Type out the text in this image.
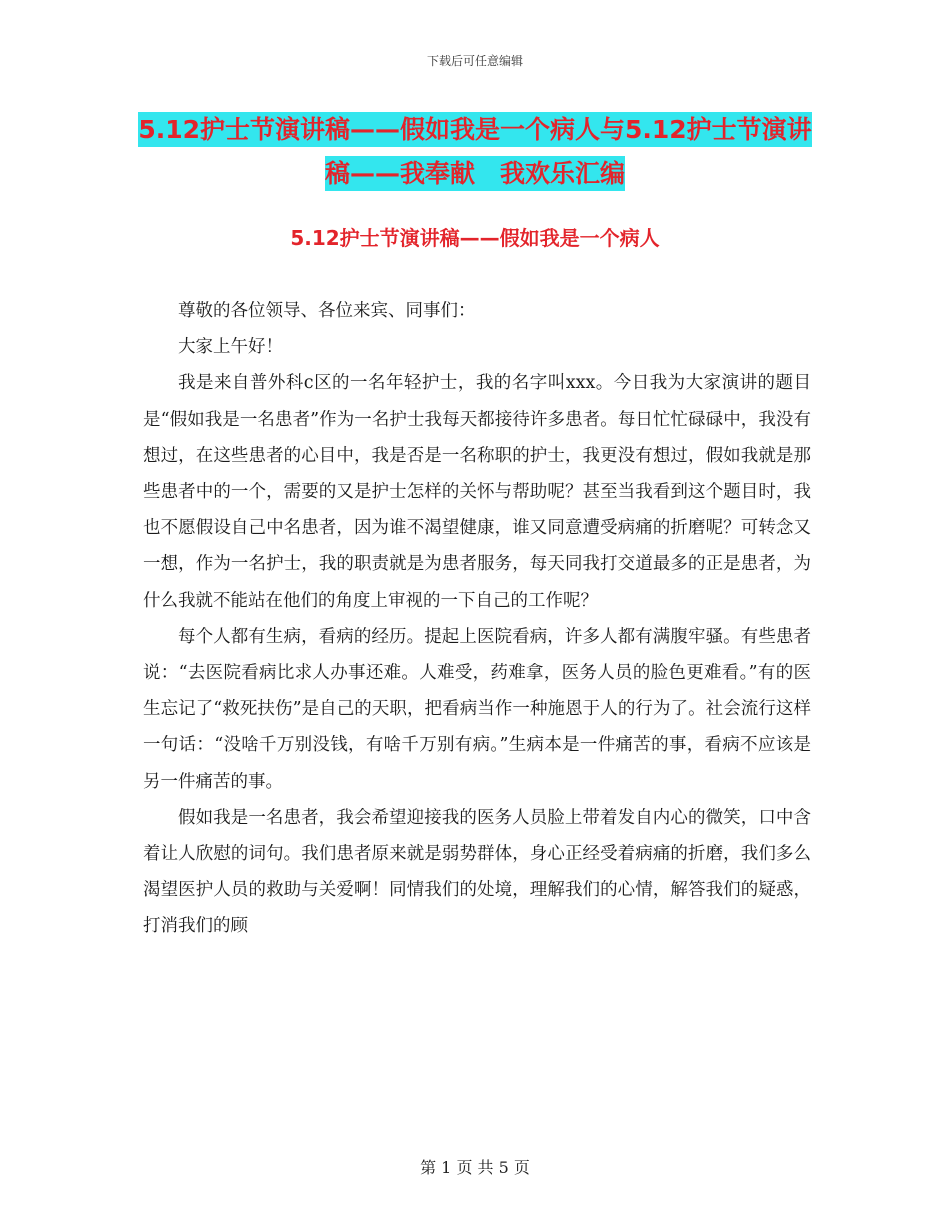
下载后可任意编辑
5.12护士节演讲稿——假如我是一个病人与5.12护士节演讲稿——我奉献　我欢乐汇编
5.12护士节演讲稿——假如我是一个病人

尊敬的各位领导、各位来宾、同事们：

大家上午好！

我是来自普外科c区的一名年轻护士，我的名字叫xxx。今日我为大家演讲的题目是“假如我是一名患者”作为一名护士我每天都接待许多患者。每日忙忙碌碌中，我没有想过，在这些患者的心目中，我是否是一名称职的护士，我更没有想过，假如我就是那些患者中的一个，需要的又是护士怎样的关怀与帮助呢？甚至当我看到这个题目时，我也不愿假设自己中名患者，因为谁不渴望健康，谁又同意遭受病痛的折磨呢？可转念又一想，作为一名护士，我的职责就是为患者服务，每天同我打交道最多的正是患者，为什么我就不能站在他们的角度上审视的一下自己的工作呢？

每个人都有生病，看病的经历。提起上医院看病，许多人都有满腹牢骚。有些患者说：“去医院看病比求人办事还难。人难受，药难拿，医务人员的脸色更难看。”有的医生忘记了“救死扶伤”是自己的天职，把看病当作一种施恩于人的行为了。社会流行这样一句话：“没啥千万别没钱，有啥千万别有病。”生病本是一件痛苦的事，看病不应该是另一件痛苦的事。

假如我是一名患者，我会希望迎接我的医务人员脸上带着发自内心的微笑，口中含着让人欣慰的词句。我们患者原来就是弱势群体，身心正经受着病痛的折磨，我们多么渴望医护人员的救助与关爱啊！同情我们的处境，理解我们的心情，解答我们的疑惑，打消我们的顾

第 1 页 共 5 页
